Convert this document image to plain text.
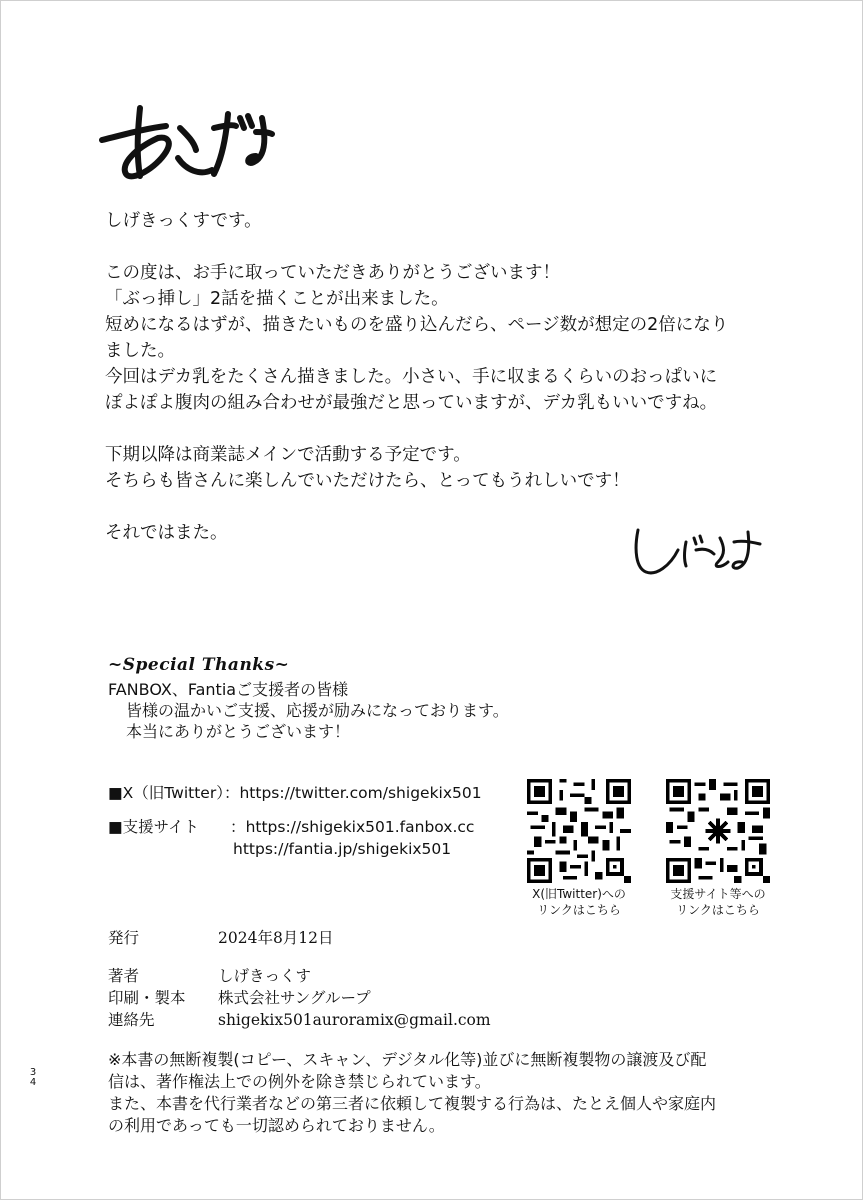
しげきっくすです。

この度は、お手に取っていただきありがとうございます！

「ぶっ挿し」2話を描くことが出来ました。

短めになるはずが、描きたいものを盛り込んだら、ページ数が想定の2倍になり

ました。

今回はデカ乳をたくさん描きました。小さい、手に収まるくらいのおっぱいに

ぽよぽよ腹肉の組み合わせが最強だと思っていますが、デカ乳もいいですね。

下期以降は商業誌メインで活動する予定です。

そちらも皆さんに楽しんでいただけたら、とってもうれしいです！

それではまた。

~Special Thanks~

FANBOX、Fantiaご支援者の皆様

皆様の温かいご支援、応援が励みになっております。

本当にありがとうございます！

■X（旧Twitter）： https://twitter.com/shigekix501
■支援サイト　　： https://shigekix501.fanbox.cc
https://fantia.jp/shigekix501
X(旧Twitter)への
リンクはこちら
支援サイト等への
リンクはこちら
発行	2024年8月12日
著者	しげきっくす
印刷・製本 株式会社サングループ
連絡先	shigekix501auroramix@gmail.com

※本書の無断複製(コピー、スキャン、デジタル化等)並びに無断複製物の譲渡及び配

信は、著作権法上での例外を除き禁じられています。

また、本書を代行業者などの第三者に依頼して複製する行為は、たとえ個人や家庭内

の利用であっても一切認められておりません。

3
4
